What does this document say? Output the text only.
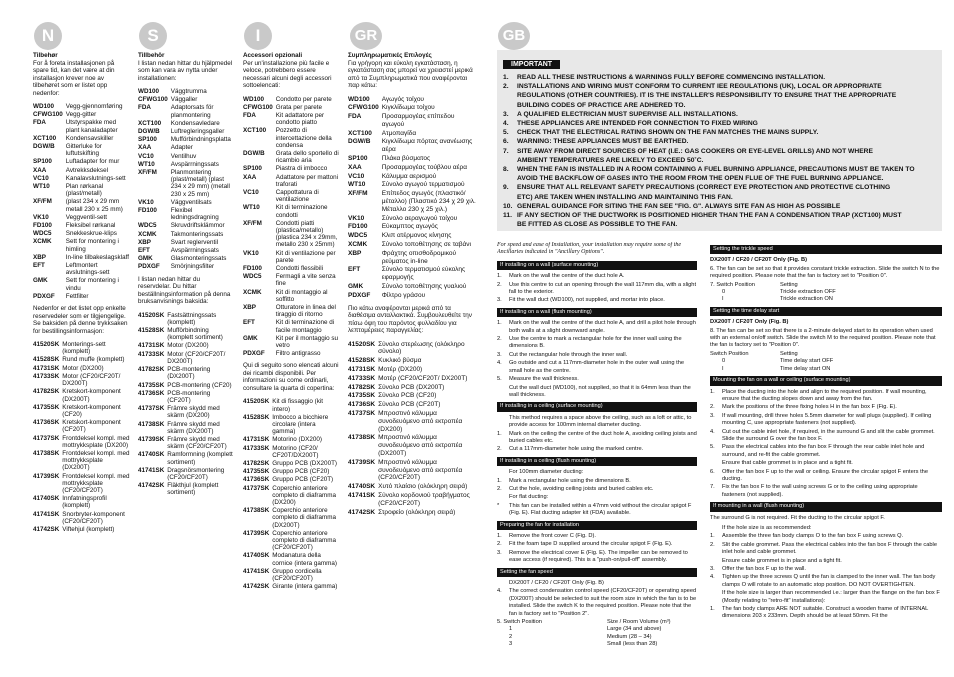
N	S	I	GR	GB
Tilbehør

For å foreta installasjonen på spare tid, kan det være at din installasjon krever noe av tilbehøret som er listet opp nedenfor:

WD100	Vegg-gjennomføring
CFWG100	Vegg-gitter
FDA	Utstyrspakke med plant kanaladapter
XCT100	Kondensavskiller
DGW/B	Gitterluke for luftutskifting
SP100	Luftadapter for mur
XAA	Avtrekksdeksel
VC10	Kanalavslutnings-sett
WT10	Plan rørkanal (plast/metall)
XF/FM	(plast 234 x 29 mm metall 230 x 25 mm)
VK10	Veggventil-sett
FD100	Fleksibel rørkanal
WDC5	Snekkeskrue-klips
XCMK	Sett for montering i himling
XBP	In-line tilbakeslagsklaff
EFT	Leftmontert avslutnings-sett
GMK	Sett for montering i vindu
PDXGF	Fettfilter

Nedenfor er det listet opp enkelte reservedeler som er tilgjengelige. Se baksiden på denne trykksaken for bestillingsinformasjon:

41520SK	Monterings-sett (komplett)
41528SK	Rund muffe (komplett)
41731SK	Motor (DX200)
41733SK	Motor (CF20/CF20T/ DX200T)
41782SK	Kretskort-komponent (DX200T)
41735SK	Kretskort-komponent (CF20)
41736SK	Kretskort-komponent (CF20T)
41737SK	Frontdeksel kompl. med mottrykksplate (DX200)
41738SK	Frontdeksel kompl. med mottrykksplate (DX200T)
41739SK	Frontdeksel kompl. med mottrykksplate (CF20/CF20T)
41740SK	Innfatningsprofil (komplett)
41741SK	Snorbryter-komponent (CF20/CF20T)
41742SK	Viftehjul (komplett)
Tillbehör

I listan nedan hittar du hjälpmedel som kan vara av nytta under installationen:

WD100	Väggtrumma
CFWG100	Väggaller
FDA	Adaptorsats för planmontering
XCT100	Kondensavledare
DGW/B	Luftregleringsgaller
SP100	Mufförbindningsplatta
XAA	Adapter
VC10	Ventilhuv
WT10	Avspärrningssats
XF/FM	Planmontering (plast/metall) (plast 234 x 29 mm) (metall 230 x 25 mm)
VK10	Väggventilsats
FD100	Flexibel ledningsdragning
WDC5	Skruvdriftsklämmor
XCMK	Takmonteringssats
XBP	Svart reglerventil
EFT	Avspärrningssats
GMK	Glasmonteringssats
PDXGF	Smörjningsfilter

I listan nedan hittar du reservdelar. Du hittar beställningsinformation på denna bruksanvisnings baksida:

41520SK	Fastsättningssats (komplett)
41528SK	Mufförbindning (komplett sortiment)
41731SK	Motor (DX200)
41733SK	Motor (CF20/CF20T/ DX200T)
41782SK	PCB-montering (DX200T)
41735SK	PCB-montering (CF20)
41736SK	PCB-montering (CF20T)
41737SK	Främre skydd med skärm (DX200)
41738SK	Främre skydd med skärm (DX200T)
41739SK	Främre skydd med skärm (CF20/CF20T)
41740SK	Ramformning (komplett sortiment)
41741SK	Dragsnörsmontering (CF20/CF20T)
41742SK	Fläkthjul (komplett sortiment)
Accessori opzionali

Per un'installazione più facile e veloce, potrebbero essere necessari alcuni degli accessori sottoelencati:

WD100	Condotto per parete
CFWG100	Grata per parete
FDA	Kit adattatore per condotto piatto
XCT100	Pozzetto di intercettazione della condensa
DGW/B	Grata dello sportello di ricambio aria
SP100	Piastra di imbocco
XAA	Adattatore per mattoni traforati
VC10	Cappottatura di ventilazione
WT10	Kit di terminazione condotti
XF/FM	Condotti piatti (plastica/metallo) (plastica 234 x 29mm, metallo 230 x 25mm)
VK10	Kit di ventilazione per parete
FD100	Condotti flessibili
WDC5	Fermagli a vite senza fine
XCMK	Kit di montaggio al soffitto
XBP	Otturatore in linea del tiraggio di ritorno
EFT	Kit di terminazione di facile montaggio
GMK	Kit per il montaggio su vetro
PDXGF	Filtro antigrasso

Qui di seguito sono elencati alcuni dei ricambi disponibili. Per informazioni su come ordinarli, consultare la quarta di copertina:

41520SK	Kit di fissaggio (kit intero)
41528SK	Imbocco a bicchiere circolare (intera gamma)
41731SK	Motorino (DX200)
41733SK	Motorino (CF20/ CF20T/DX200T)
41782SK	Gruppo PCB (DX200T)
41735SK	Gruppo PCB (CF20)
41736SK	Gruppo PCB (CF20T)
41737SK	Coperchio anteriore completo di diaframma (DX200)
41738SK	Coperchio anteriore completo di diaframma (DX200T)
41739SK	Coperchio anteriore completo di diaframma (CF20/CF20T)
41740SK	Modanatura della cornice (intera gamma)
41741SK	Gruppo cordicella (CF20/CF20T)
41742SK	Girante (intera gamma)
Συμπληρωματικές Επιλογές

Για γρήγορη και εύκολη εγκατάσταση, η εγκατάσταση σας μπορεί να χρειαστεί μερικά από τα Συμπληρωματικά που αναφέρονται παρ κάτω:

WD100	Αγωγός τοίχου
CFWG100	Κιγκλίδωμα τοίχου
FDA	Προσαρμογέας επίπεδου αγωγού
XCT100	Ατμοπαγίδα
DGW/B	Κιγκλίδωμα πόρτας ανανέωσης αέρα
SP100	Πλάκα βύσματος
XAA	Προσαρμογέας τούβλου αέρα
VC10	Κάλυμμα αερισμού
WT10	Σύνολο αγωγού τερματισμού
XF/FM	Επίπεδος αγωγός (πλαστικό/μέταλλο) (Πλαστικό 234 χ 29 χιλ. Μέταλλο 230 χ 25 χιλ.)
VK10	Σύνολο αεραγωγού τοίχου
FD100	Εύκαμπτος αγωγός
WDC5	Κλιπ ατέρμονος κίνησης
XCMK	Σύνολο τοποθέτησης σε ταβάνι
XBP	Φράχτης οπισθοδρομικού ρεύματος in-line
EFT	Σύνολο τερματισμού εύκολης εφαρμογής
GMK	Σύνολο τοποθέτησης γυαλιού
PDXGF	Φίλτρο γράσου

Πιο κάτω αναφέρονται μερικά από τα διαθέσιμα ανταλλακτικά. Συμβουλευθείτε την πίσω όψη του παρόντος φυλλαδίου για λεπτομέρειες παραγγελίας:

41520SK	Σύνολο στερέωσης (ολόκληρο σύνολο)
41528SK	Κυκλικό βύσμα
41731SK	Μοτέρ (DX200)
41733SK	Μοτέρ (CF20/CF20T/ DX200T)
41782SK	Σύνολο PCB (DX200T)
41735SK	Σύνολο PCB (CF20)
41736SK	Σύνολο PCB (CF20T)
41737SK	Μπροστινό κάλυμμα συνοδευόμενο από εκτροπέα (DX200)
41738SK	Μπροστινό κάλυμμα συνοδευόμενο από εκτροπέα (DX200T)
41739SK	Μπροστινό κάλυμμα συνοδευόμενο από εκτροπέα (CF20/CF20T)
41740SK	Χυτό πλαίσιο (ολόκληρη σειρά)
41741SK	Σύνολο κορδονιού τραβήγματος (CF20/CF20T)
41742SK	Στροφείο (ολόκληρη σειρά)
IMPORTANT
1.	READ ALL THESE INSTRUCTIONS & WARNINGS FULLY BEFORE COMMENCING INSTALLATION.
2.	INSTALLATIONS AND WIRING MUST CONFORM TO CURRENT IEE REGULATIONS (UK), LOCAL OR APPROPRIATE
REGULATIONS (OTHER COUNTRIES). IT IS THE INSTALLER'S RESPONSIBILITY TO ENSURE THAT THE APPROPRIATE
BUILDING CODES OF PRACTICE ARE ADHERED TO.
3.	A QUALIFIED ELECTRICIAN MUST SUPERVISE ALL INSTALLATIONS.
4.	THESE APPLIANCES ARE INTENDED FOR CONNECTION TO FIXED WIRING
5.	CHECK THAT THE ELECTRICAL RATING SHOWN ON THE FAN MATCHES THE MAINS SUPPLY.
6.	WARNING: THESE APPLIANCES MUST BE EARTHED.
7.	SITE AWAY FROM DIRECT SOURCES OF HEAT (I.E.: GAS COOKERS OR EYE-LEVEL GRILLS) AND NOT WHERE
AMBIENT TEMPERATURES ARE LIKELY TO EXCEED 50˚C.
8.	WHEN THE FAN IS INSTALLED IN A ROOM CONTAINING A FUEL BURNING APPLIANCE, PRECAUTIONS MUST BE TAKEN TO
AVOID THE BACKFLOW OF GASES INTO THE ROOM FROM THE OPEN FLUE OF THE FUEL BURNING APPLIANCE.
9.	ENSURE THAT ALL RELEVANT SAFETY PRECAUTIONS (CORRECT EYE PROTECTION AND PROTECTIVE CLOTHING
ETC) ARE TAKEN WHEN INSTALLING AND MAINTAINING THIS FAN.
10. GENERAL GUIDANCE FOR SITING THE FAN SEE "FIG. G". ALWAYS SITE FAN AS HIGH AS POSSIBLE
11. IF ANY SECTION OF THE DUCTWORK IS POSITIONED HIGHER THAN THE FAN A CONDENSATION TRAP (XCT100) MUST
BE FITTED AS CLOSE AS POSSIBLE TO THE FAN.
For speed and ease of Installation, your installation may require some of the Ancillaries indicated in "Ancillary Options".
If installing on a wall (surface mounting)
1.	Mark on the wall the centre of the duct hole A.
2.	Use this centre to cut an opening through the wall 117mm dia, with a slight fall to the exterior.
3.	Fit the wall duct (WD100), not supplied, and mortar into place.
If installing on a wall (flush mounting)
1.	Mark on the wall the centre of the duct hole A, and drill a pilot hole through both walls at a slight downward angle.
2.	Use the centre to mark a rectangular hole for the inner wall using the dimensions B.
3.	Cut the rectangular hole through the inner wall.
4.	Go outside and cut a 117mm-diameter hole in the outer wall using the small hole as the centre.
5.	Measure the wall thickness.
Cut the wall duct (WD100), not supplied, so that it is 64mm less than the wall thickness.
If installing in a ceiling (surface mounting)
This method requires a space above the ceiling, such as a loft or attic, to provide access for 100mm internal diameter ducting.
1.	Mark on the ceiling the centre of the duct hole A, avoiding ceiling joists and buried cables etc.
2.	Cut a 117mm-diameter hole using the marked centre.
If installing in a ceiling (flush mounting)
For 100mm diameter ducting:
1.	Mark a rectangular hole using the dimensions B.
2.	Cut the hole, avoiding ceiling joists and buried cables etc.
For flat ducting:
*	This fan can be installed within a 47mm void without the circular spigot F (Fig. E). Flat ducting adapter kit (FDA) available.
Preparing the fan for installation
1.	Remove the front cover C (Fig. D).
2.	Fit the foam tape D supplied around the circular spigot F (Fig. E).
3.	Remove the electrical cover E (Fig. E). The impeller can be removed to ease access (if required). This is a "push-on/pull-off" assembly.
Setting the fan speed
DX200T / CF20 / CF20T Only (Fig. B)
4.	The correct condensation control speed (CF20/CF20T) or operating speed (DX200T) should be selected to suit the room size in which the fan is to be installed. Slide the switch K to the required position. Please note that the fan is factory set to "Position 2".
5. Switch Position	Size / Room Volume (m³)
1	Large (34 and above)
2	Medium (28 – 34)
3	Small (less than 28)
Setting the trickle speed
DX200T / CF20 / CF20T Only (Fig. B)
6. The fan can be set so that it provides constant trickle extraction. Slide the switch N to the required position. Please note that the fan is factory set to "Position 0".
7. Switch Position	Setting
0	Trickle extraction OFF
I	Trickle extraction ON
Setting the time delay start
DX200T / CF20T Only (Fig. B)
8. The fan can be set so that there is a 2-minute delayed start to its operation when used with an external on/off switch. Slide the switch M to the required position. Please note that the fan is factory set to "Position 0".
Switch Position	Setting
0	Time delay start OFF
I	Time delay start ON
Mounting the fan on a wall or ceiling (surface mounting)
1.	Place the ducting into the hole and align to the required position. If wall mounting, ensure that the ducting slopes down and away from the fan.
2.	Mark the positions of the three fixing holes H in the fan box F (Fig. E).
3.	If wall mounting, drill three holes 5.5mm diameter for wall plugs (supplied). If ceiling mounting C, use appropriate fasteners (not supplied).
4.	Cut out the cable inlet hole, if required, in the surround G and slit the cable grommet. Slide the surround G over the fan box F.
5.	Pass the electrical cables into the fan box F through the rear cable inlet hole and surround, and re-fit the cable grommet.
Ensure that cable grommet is in place and a tight fit.
6.	Offer the fan box F up to the wall or ceiling. Ensure the circular spigot F enters the ducting.
7.	Fix the fan box F to the wall using screws G or to the ceiling using appropriate fasteners (not supplied).
If mounting in a wall (flush mounting)
The surround G is not required. Fit the ducting to the circular spigot F.
If the hole size is as recommended:
1.	Assemble the three fan body clamps O to the fan box F using screws Q.
2.	Slit the cable grommet. Pass the electrical cables into the fan box F through the cable inlet hole and cable grommet.
Ensure cable grommet is in place and a tight fit.
3.	Offer the fan box F up to the wall.
4.	Tighten up the three screws Q until the fan is clamped to the inner wall. The fan body clamps O will rotate to an automatic stop position. DO NOT OVERTIGHTEN.
If the hole size is larger than recommended i.e.: larger than the flange on the fan box F (Mostly relating to "retro-fit" installations):
1.	The fan body clamps ARE NOT suitable. Construct a wooden frame of INTERNAL dimensions 203 x 233mm. Depth should be at least 50mm. Fit the
